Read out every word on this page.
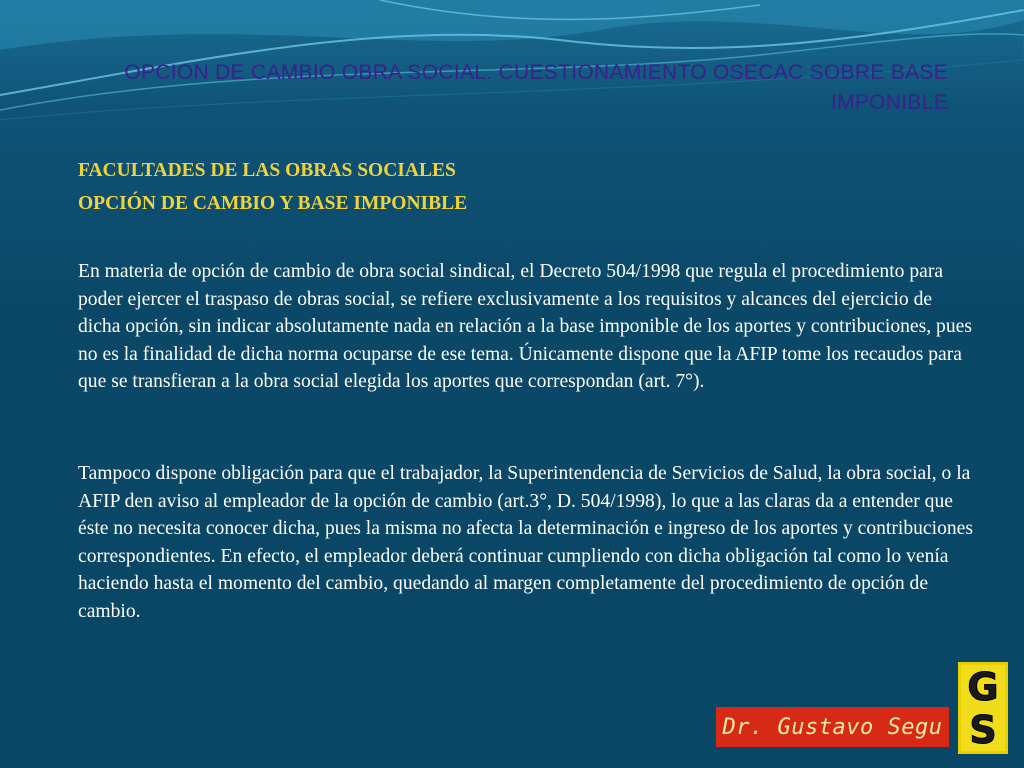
OPCION DE CAMBIO OBRA SOCIAL. CUESTIONAMIENTO OSECAC SOBRE BASE IMPONIBLE
FACULTADES DE LAS OBRAS SOCIALES
OPCIÓN DE CAMBIO Y BASE IMPONIBLE

En materia de opción de cambio de obra social sindical, el Decreto 504/1998 que regula el procedimiento para poder ejercer el traspaso de obras social, se refiere exclusivamente a los requisitos y alcances del ejercicio de dicha opción, sin indicar absolutamente nada en relación a la base imponible de los aportes y contribuciones, pues no es la finalidad de dicha norma ocuparse de ese tema. Únicamente dispone que la AFIP tome los recaudos para que se transfieran a la obra social elegida los aportes que correspondan (art. 7°).

Tampoco dispone obligación para que el trabajador, la Superintendencia de Servicios de Salud, la obra social, o la AFIP den aviso al empleador de la opción de cambio (art.3°, D. 504/1998), lo que a las claras da a entender que éste no necesita conocer dicha, pues la misma no afecta la determinación e ingreso de los aportes y contribuciones correspondientes. En efecto, el empleador deberá continuar cumpliendo con dicha obligación tal como lo venía haciendo hasta el momento del cambio, quedando al margen completamente del procedimiento de opción de cambio.

Dr. Gustavo Segu
G
S
